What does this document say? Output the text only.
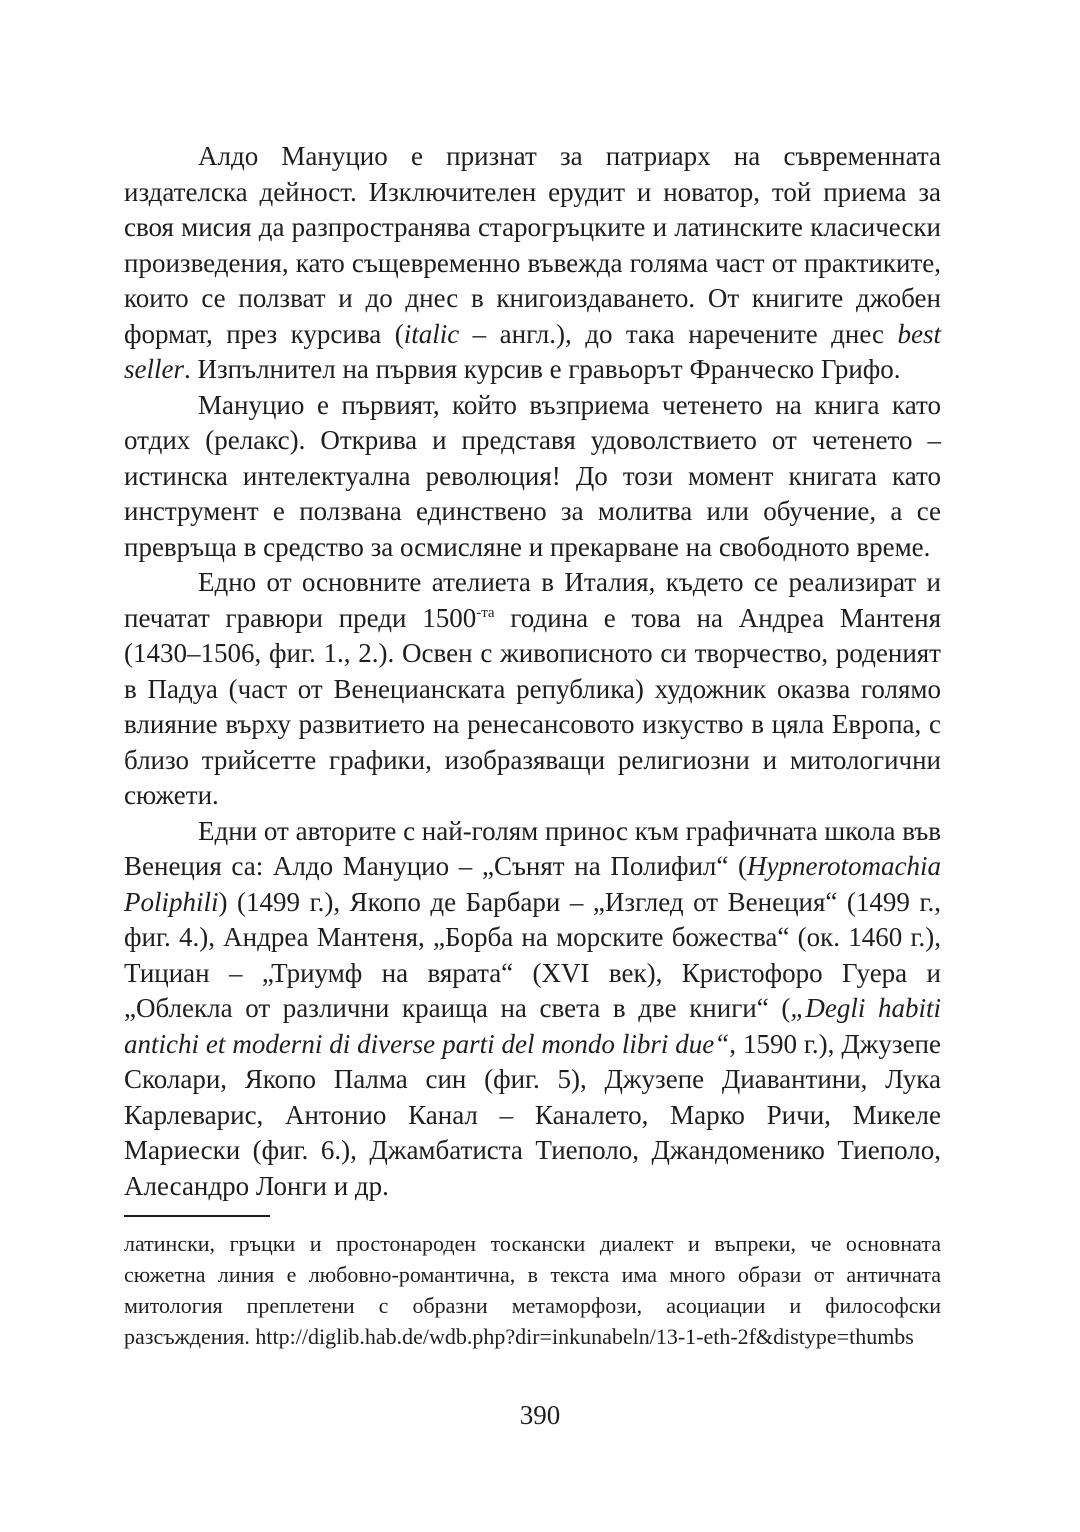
Алдо Мануцио е признат за патриарх на съвременната издателска дейност. Изключителен ерудит и новатор, той приема за своя мисия да разпространява старогръцките и латинските класически произведения, като същевременно въвежда голяма част от практиките, които се ползват и до днес в книгоиздаването. От книгите джобен формат, през курсива (italic – англ.), до така наречените днес best seller. Изпълнител на първия курсив е гравьорът Франческо Грифо.

Мануцио е първият, който възприема четенето на книга като отдих (релакс). Открива и представя удоволствието от четенето – истинска интелектуална революция! До този момент книгата като инструмент е ползвана единствено за молитва или обучение, а се превръща в средство за осмисляне и прекарване на свободното време.

Едно от основните ателиета в Италия, където се реализират и печатат гравюри преди $1500^{-та}$ година е това на Андреа Мантеня (1430–1506, фиг. 1., 2.). Освен с живописното си творчество, роденият в Падуа (част от Венецианската република) художник оказва голямо влияние върху развитието на ренесансовото изкуство в цяла Европа, с близо трийсетте графики, изобразяващи религиозни и митологични сюжети.

Едни от авторите с най-голям принос към графичната школа във Венеция са: Алдо Мануцио – „Сънят на Полифил“ (Hypnerotomachia Poliphili) (1499 г.), Якопо де Барбари – „Изглед от Венеция“ (1499 г., фиг. 4.), Андреа Мантеня, „Борба на морските божества“ (ок. 1460 г.), Тициан – „Триумф на вярата“ (XVI век), Кристофоро Гуера и „Облекла от различни краища на света в две книги“ („Degli habiti antichi et moderni di diverse parti del mondo libri due“, 1590 г.), Джузепе Сколари, Якопо Палма син (фиг. 5), Джузепе Диавантини, Лука Карлеварис, Антонио Канал – Каналето, Марко Ричи, Микеле Мариески (фиг. 6.), Джамбатиста Тиеполо, Джандоменико Тиеполо, Алесандро Лонги и др.

латински, гръцки и простонароден тоскански диалект и въпреки, че основната сюжетна линия е любовно-романтична, в текста има много образи от античната митология преплетени с образни метаморфози, асоциации и философски разсъждения. http://diglib.hab.de/wdb.php?dir=inkunabeln/13-1-eth-2f&distype=thumbs

390
